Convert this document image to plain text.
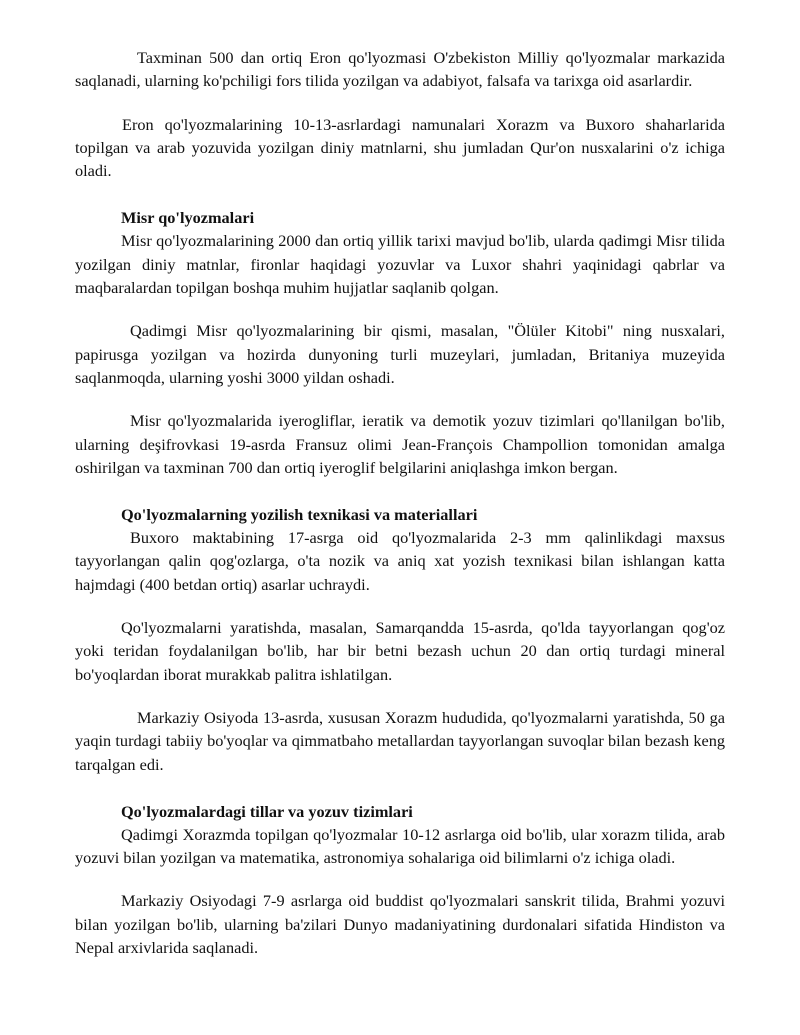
Taxminan 500 dan ortiq Eron qo'lyozmasi O'zbekiston Milliy qo'lyozmalar markazida saqlanadi, ularning ko'pchiligi fors tilida yozilgan va adabiyot, falsafa va tarixga oid asarlardir.

Eron qo'lyozmalarining 10-13-asrlardagi namunalari Xorazm va Buxoro shaharlarida topilgan va arab yozuvida yozilgan diniy matnlarni, shu jumladan Qur'on nusxalarini o'z ichiga oladi.

Misr qo'lyozmalari

Misr qo'lyozmalarining 2000 dan ortiq yillik tarixi mavjud bo'lib, ularda qadimgi Misr tilida yozilgan diniy matnlar, fironlar haqidagi yozuvlar va Luxor shahri yaqinidagi qabrlar va maqbaralardan topilgan boshqa muhim hujjatlar saqlanib qolgan.

Qadimgi Misr qo'lyozmalarining bir qismi, masalan, "Ölüler Kitobi" ning nusxalari, papirusga yozilgan va hozirda dunyoning turli muzeylari, jumladan, Britaniya muzeyida saqlanmoqda, ularning yoshi 3000 yildan oshadi.

Misr qo'lyozmalarida iyerogliflar, ieratik va demotik yozuv tizimlari qo'llanilgan bo'lib, ularning deşifrovkasi 19-asrda Fransuz olimi Jean-François Champollion tomonidan amalga oshirilgan va taxminan 700 dan ortiq iyeroglif belgilarini aniqlashga imkon bergan.

Qo'lyozmalarning yozilish texnikasi va materiallari

Buxoro maktabining 17-asrga oid qo'lyozmalarida 2-3 mm qalinlikdagi maxsus tayyorlangan qalin qog'ozlarga, o'ta nozik va aniq xat yozish texnikasi bilan ishlangan katta hajmdagi (400 betdan ortiq) asarlar uchraydi.

Qo'lyozmalarni yaratishda, masalan, Samarqandda 15-asrda, qo'lda tayyorlangan qog'oz yoki teridan foydalanilgan bo'lib, har bir betni bezash uchun 20 dan ortiq turdagi mineral bo'yoqlardan iborat murakkab palitra ishlatilgan.

Markaziy Osiyoda 13-asrda, xususan Xorazm hududida, qo'lyozmalarni yaratishda, 50 ga yaqin turdagi tabiiy bo'yoqlar va qimmatbaho metallardan tayyorlangan suvoqlar bilan bezash keng tarqalgan edi.

Qo'lyozmalardagi tillar va yozuv tizimlari

Qadimgi Xorazmda topilgan qo'lyozmalar 10-12 asrlarga oid bo'lib, ular xorazm tilida, arab yozuvi bilan yozilgan va matematika, astronomiya sohalariga oid bilimlarni o'z ichiga oladi.

Markaziy Osiyodagi 7-9 asrlarga oid buddist qo'lyozmalari sanskrit tilida, Brahmi yozuvi bilan yozilgan bo'lib, ularning ba'zilari Dunyo madaniyatining durdonalari sifatida Hindiston va Nepal arxivlarida saqlanadi.
